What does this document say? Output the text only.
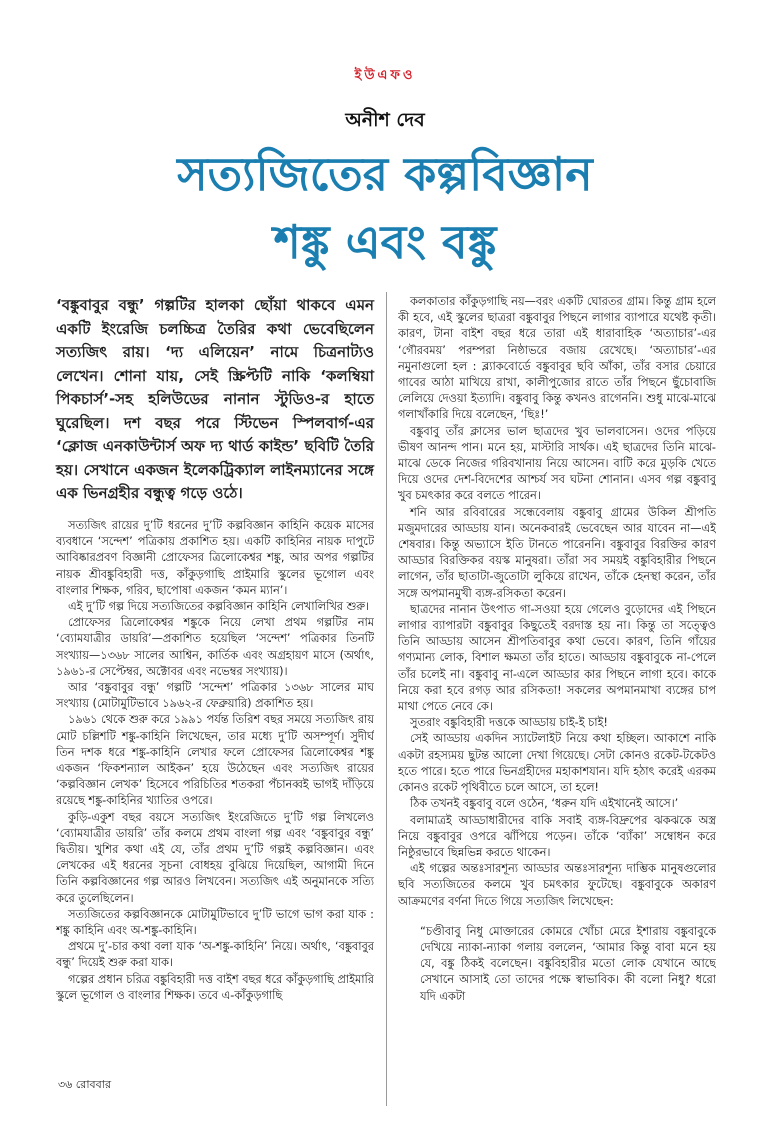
ইউএফও
অনীশ দেব
সত্যজিতের কল্পবিজ্ঞান
শঙ্কু এবং বঙ্কু
‘বঙ্কুবাবুর বন্ধু’ গল্পটির হালকা ছোঁয়া থাকবে এমন একটি ইংরেজি চলচ্চিত্র তৈরির কথা ভেবেছিলেন সত্যজিৎ রায়। ‘দ্য এলিয়েন’ নামে চিত্রনাট্যও লেখেন। শোনা যায়, সেই স্ক্রিপ্টটি নাকি ‘কলম্বিয়া পিকচার্স’-সহ হলিউডের নানান স্টুডিও-র হাতে ঘুরেছিল। দশ বছর পরে স্টিভেন স্পিলবার্গ-এর ‘ক্লোজ এনকাউন্টার্স অফ দ্য থার্ড কাইন্ড’ ছবিটি তৈরি হয়। সেখানে একজন ইলেকট্রিক্যাল লাইনম্যানের সঙ্গে এক ভিনগ্রহীর বন্ধুত্ব গড়ে ওঠে।

সত্যজিৎ রায়ের দু’টি ধরনের দু’টি কল্পবিজ্ঞান কাহিনি কয়েক মাসের ব্যবধানে ‘সন্দেশ’ পত্রিকায় প্রকাশিত হয়। একটি কাহিনির নায়ক দাপুটে আবিষ্কারপ্রবণ বিজ্ঞানী প্রোফেসর ত্রিলোকেশ্বর শঙ্কু, আর অপর গল্পটির নায়ক শ্রীবঙ্কুবিহারী দত্ত, কাঁকুড়গাছি প্রাইমারি স্কুলের ভূগোল এবং বাংলার শিক্ষক, গরিব, ছাপোষা একজন ‘কমন ম্যান’।

এই দু’টি গল্প দিয়ে সত্যজিতের কল্পবিজ্ঞান কাহিনি লেখালিখির শুরু।

প্রোফেসর ত্রিলোকেশ্বর শঙ্কুকে নিয়ে লেখা প্রথম গল্পটির নাম ‘ব্যোমযাত্রীর ডায়রি’—প্রকাশিত হয়েছিল ‘সন্দেশ’ পত্রিকার তিনটি সংখ্যায়—১৩৬৮ সালের আশ্বিন, কার্তিক এবং অগ্রহায়ণ মাসে (অর্থাৎ, ১৯৬১-র সেপ্টেম্বর, অক্টোবর এবং নভেম্বর সংখ্যায়)।

আর ‘বঙ্কুবাবুর বন্ধু’ গল্পটি ‘সন্দেশ’ পত্রিকার ১৩৬৮ সালের মাঘ সংখ্যায় (মোটামুটিভাবে ১৯৬২-র ফেব্রুয়ারি) প্রকাশিত হয়।

১৯৬১ থেকে শুরু করে ১৯৯১ পর্যন্ত তিরিশ বছর সময়ে সত্যজিৎ রায় মোট চল্লিশটি শঙ্কু-কাহিনি লিখেছেন, তার মধ্যে দু’টি অসম্পূর্ণ। সুদীর্ঘ তিন দশক ধরে শঙ্কু-কাহিনি লেখার ফলে প্রোফেসর ত্রিলোকেশ্বর শঙ্কু একজন ‘ফিকশন্যাল আইকন’ হয়ে উঠেছেন এবং সত্যজিৎ রায়ের ‘কল্পবিজ্ঞান লেখক’ হিসেবে পরিচিতির শতকরা পঁচানব্বই ভাগই দাঁড়িয়ে রয়েছে শঙ্কু-কাহিনির খ্যাতির ওপরে।

কুড়ি-একুশ বছর বয়সে সত্যজিৎ ইংরেজিতে দু’টি গল্প লিখলেও ‘ব্যোমযাত্রীর ডায়রি’ তাঁর কলমে প্রথম বাংলা গল্প এবং ‘বঙ্কুবাবুর বন্ধু’ দ্বিতীয়। খুশির কথা এই যে, তাঁর প্রথম দু’টি গল্পই কল্পবিজ্ঞান। এবং লেখকের এই ধরনের সূচনা বোধহয় বুঝিয়ে দিয়েছিল, আগামী দিনে তিনি কল্পবিজ্ঞানের গল্প আরও লিখবেন। সত্যজিৎ এই অনুমানকে সত্যি করে তুলেছিলেন।

সত্যজিতের কল্পবিজ্ঞানকে মোটামুটিভাবে দু’টি ভাগে ভাগ করা যাক : শঙ্কু কাহিনি এবং অ-শঙ্কু-কাহিনি।

প্রথমে দু’-চার কথা বলা যাক ‘অ-শঙ্কু-কাহিনি’ নিয়ে। অর্থাৎ, ‘বঙ্কুবাবুর বন্ধু’ দিয়েই শুরু করা যাক।

গল্পের প্রধান চরিত্র বঙ্কুবিহারী দত্ত বাইশ বছর ধরে কাঁকুড়গাছি প্রাইমারি স্কুলে ভূগোল ও বাংলার শিক্ষক। তবে এ-কাঁকুড়গাছি

কলকাতার কাঁকুড়গাছি নয়—বরং একটি ঘোরতর গ্রাম। কিন্তু গ্রাম হলে কী হবে, এই স্কুলের ছাত্ররা বঙ্কুবাবুর পিছনে লাগার ব্যাপারে যথেষ্ট কৃতী। কারণ, টানা বাইশ বছর ধরে তারা এই ধারাবাহিক ‘অত্যাচার’-এর ‘গৌরবময়’ পরম্পরা নিষ্ঠাভরে বজায় রেখেছে। ‘অত্যাচার’-এর নমুনাগুলো হল : ব্ল্যাকবোর্ডে বঙ্কুবাবুর ছবি আঁকা, তাঁর বসার চেয়ারে গাবের আঠা মাখিয়ে রাখা, কালীপুজোর রাতে তাঁর পিছনে ছুঁচোবাজি লেলিয়ে দেওয়া ইত্যাদি। বঙ্কুবাবু কিন্তু কখনও রাগেননি। শুধু মাঝে-মাঝে গলাখাঁকারি দিয়ে বলেছেন, ‘ছিঃ!’

বঙ্কুবাবু তাঁর ক্লাসের ভাল ছাত্রদের খুব ভালবাসেন। ওদের পড়িয়ে ভীষণ আনন্দ পান। মনে হয়, মাস্টারি সার্থক। এই ছাত্রদের তিনি মাঝে-মাঝে ডেকে নিজের গরিবখানায় নিয়ে আসেন। বাটি করে মুড়কি খেতে দিয়ে ওদের দেশ-বিদেশের আশ্চর্য সব ঘটনা শোনান। এসব গল্প বঙ্কুবাবু খুব চমৎকার করে বলতে পারেন।

শনি আর রবিবারের সন্ধেবেলায় বঙ্কুবাবু গ্রামের উকিল শ্রীপতি মজুমদারের আড্ডায় যান। অনেকবারই ভেবেছেন আর যাবেন না—এই শেষবার। কিন্তু অভ্যাসে ইতি টানতে পারেননি। বঙ্কুবাবুর বিরক্তির কারণ আড্ডার বিরক্তিকর বয়স্ক মানুষরা। তাঁরা সব সময়ই বঙ্কুবিহারীর পিছনে লাগেন, তাঁর ছাতাটা-জুতোটা লুকিয়ে রাখেন, তাঁকে হেনস্থা করেন, তাঁর সঙ্গে অপমানমুখী ব্যঙ্গ-রসিকতা করেন।

ছাত্রদের নানান উৎপাত গা-সওয়া হয়ে গেলেও বুড়োদের এই পিছনে লাগার ব্যাপারটা বঙ্কুবাবুর কিছুতেই বরদাস্ত হয় না। কিন্তু তা সত্ত্বেও তিনি আড্ডায় আসেন শ্রীপতিবাবুর কথা ভেবে। কারণ, তিনি গাঁয়ের গণ্যমান্য লোক, বিশাল ক্ষমতা তাঁর হাতে। আড্ডায় বঙ্কুবাবুকে না-পেলে তাঁর চলেই না। বঙ্কুবাবু না-এলে আড্ডার কার পিছনে লাগা হবে। কাকে নিয়ে করা হবে রগড় আর রসিকতা! সকলের অপমানমাখা ব্যঙ্গের চাপ মাথা পেতে নেবে কে।

সুতরাং বঙ্কুবিহারী দত্তকে আড্ডায় চাই-ই চাই!

সেই আড্ডায় একদিন স্যাটেলাইট নিয়ে কথা হচ্ছিল। আকাশে নাকি একটা রহস্যময় ছুটন্ত আলো দেখা গিয়েছে। সেটা কোনও রকেট-টকেটও হতে পারে। হতে পারে ভিনগ্রহীদের মহাকাশযান। যদি হঠাৎ করেই এরকম কোনও রকেট পৃথিবীতে চলে আসে, তা হলে!

ঠিক তখনই বঙ্কুবাবু বলে ওঠেন, ‘ধরুন যদি এইখানেই আসে।’

বলামাত্রই আড্ডাধারীদের বাকি সবাই ব্যঙ্গ-বিদ্রুপের ঝকঝকে অস্ত্র নিয়ে বঙ্কুবাবুর ওপরে ঝাঁপিয়ে পড়েন। তাঁকে ‘ব্যাঁকা’ সম্বোধন করে নিষ্ঠুরভাবে ছিন্নভিন্ন করতে থাকেন।

এই গল্পের অন্তঃসারশূন্য আড্ডার অন্তঃসারশূন্য দাম্ভিক মানুষগুলোর ছবি সত্যজিতের কলমে খুব চমৎকার ফুটেছে। বঙ্কুবাবুকে অকারণ আক্রমণের বর্ণনা দিতে গিয়ে সত্যজিৎ লিখেছেন:

“চণ্ডীবাবু নিধু মোক্তারের কোমরে খোঁচা মেরে ইশারায় বঙ্কুবাবুকে দেখিয়ে ন্যাকা-ন্যাকা গলায় বললেন, ‘আমার কিন্তু বাবা মনে হয় যে, বঙ্কু ঠিকই বলেছেন। বঙ্কুবিহারীর মতো লোক যেখানে আছে সেখানে আসাই তো তাদের পক্ষে স্বাভাবিক। কী বলো নিধু? ধরো যদি একটা

৩৬ রোববার
